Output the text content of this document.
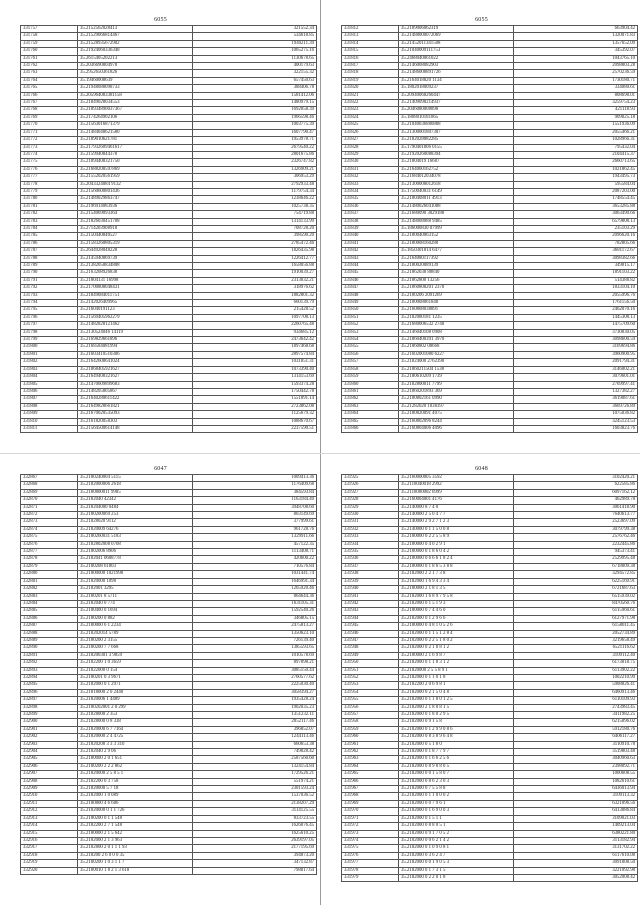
6055
331757	35.2152562028413	321552.34
331758	35.21529066814467	534618.85
331759	35.21528935672902	1940211.39
331760	35.21924060336348	1065275.16
331761	35.2615405202213	1130678.65
331762	35.2036690804978	400179.63
331763	35.2952650361826	322155.32
331764	35.19460008639	657450.63
331765	35.21948088098733	388406.78
331766	35.205964083381158	1581412.06
331767	35.21849028034553	1480979.15
331768	35.218934890037367	1692058.39
331769	35.2174264902106	1966598.46
331770	35.21563016871379	1003775.39
331771	35.21484048621580	1607790.47
331772	35.2189010621781	1953978.71
331773	35.217932609461617	2679540.22
331774	35.2159940844378	2801675.86
331775	35.21894408321750	2326747.82
331776	35.21688208597869	1326909.21
331777	35.21552020561959	306953.29
331778	35.2043324084 9132	2792933.48
331779	35.21560600801436	1179754.34
331780	35.21489029863747	1238646.22
331781	35.2196914083936	1025738.35
331782	35.2154069093364	754719.88
331783	35.21826030451708	1314133.99
331784	35.2714203908918	708728.20
331785	35.2150440840527	398590.20
331786	35.21583260805319	2785472.46
331787	35.2644928048228	1826435.98
331788	35.2145940869739	1226412.77
331789	35.21382050834808	1658056.88
331790	35.2163208926838	1910039.27
331791	35.21804131 16998	2313032.21
331792	35.21700808048431	318976.62
331793	35.21849084011751	1882801.32
331794	35.2142026409965	660139.79
331795	35.216040191123	215428.52
331796	35.21569405962279	1097708.13
331797	35.21482828121462	2260765.48
331798	35.2130524046 14119	934685.12
331799	35.2169829661896	2473642.42
331800	35.2168584081994	1897468.68
331801	35.21603410510306	2897574.84
331802	35.21642608641024	1031851.31
331803	35.21868405921627	1073390.40
331804	35.21649408321627	1314153.69
331805	35.21470609899683	1593374.28
331806	35.2148205805867	1750442.78
331807	35.21640280611422	1551891.14
331808	35.21649828661821	2723862.08
331809	35.21670020535093	1125679.32
331810	35.2161820058303	1088670.67
331811	35.21564500614148	2237590.51
6055
331812	35.2189006062319	663904.42
331813	35.21488000072069	1320071.83
331814	35.21452011341508	1357652.09
331815	35.21040009111753	345392.07
331816	35.2468040061022	1043765.10
331817	35.2146008082903	2098803.28
331818	35.21486008891726	2570236.59
331819	35.2164018820 1134	1730180.71
331820	35.1802018009237	334080.61
331821	35.20940068260447	808698.01
331822	35.21409098214937	3259754.23
331823	35.2046080008898	421118.93
331824	35.1808010181865	909025.18
331825	35.21040036880888	1551936.09
331826	35.21300001807307	2055466.21
331827	35.2182028082285	1028966.31
331828	35.1790401806 0155	795432.04
331829	35.21920260088394	2104415.37
331830	35.21804019 16687	2660713.65
331831	35.2164060162752	1021862.45
331832	35.21684012034078	1943495.73
331833	35.21300008012618	595584.04
331834	35.1750040031 6149	2087203.00
331835	35.2180408011 4913	1748554.45
331836	35.21480026041088	3653285.88
331837	35.21680090 3029188	3063490.66
331838	35.2148008088 9485	6579808.13
331839	35.186000830 07999	235103.29
331840	35.2180040063152	2096620.16
331841	35.2180008160288	782805.66
331842	35.1850301814 6477	3681172.67
331843	35.2164080117392	3098382.66
331844	35.2180020089139	349815.17
331845	35.21862038 88840	1891103.22
331846	35.21862800 13256	514388.82
331847	35.21860808201 2378	1833104.10
331848	35.2180206 2091269	2055996.76
331849	35.2180008061848	1761156.50
331850	35.2160808038891	2462070.16
331851	35.2182080181 1235	1445308.13
331852	35.21680006532 2748	1475709.60
331853	35.2146040108 0908	3730830.05
331854	35.21860400391 3970	3098600.59
331855	35.21860802 08668	3169694.86
331856	35.21602001080 6227	3960900.95
331857	35.21824000 2762390	2091794.31
331858	35.21860211504 1538	3146002.21
331859	35.2180610209 1739	3079601.01
331860	35.2182800011 7799	2769997.41
331861	35.21860201893 369	1327382.27
331862	35.2180802161 0990	3619087.61
331863	35.21282020 1038397	3669726.89
331864	35.2180820091 4075	1075036.82
331865	35.2160802096 8244	3245123.53
331866	35.2160804006 4096	1603823.76
6047
332867	35.2180240004 5115	1009413.36
332868	35.2182000006 2618	1176409.68
332869	35.2180800011 9985	384593.84
332870	35.2182040 42342	1163184.40
332871	35.218204000 0484	3948708.60
332872	35.2180200069 253	803149.69
332873	35.21828020 9112	377999.61
332874	35.21820009 64276	961728.76
332875	35.2180260031 5183	1329911.66
332876	35.2182802008 0708	457122.35
332877	35.21802006 8906	1113408.71
332878	35.2182041 0608778	420600.22
332879	35.2180208 61803	710576.84
332880	35.21800000 1021998	1031441.74
332881	35.21820000 1098	1646991.34
332882	35.2182001 3295	1265920.46
332883	35.2180201 8 5711	864644.36
332884	35.2182040 0 774	1631105.31
332885	35.2180400 0 1694	1592540.26
332886	35.2180200 0 882	346805.15
332887	35.2180000 6 1 2234	2475813.27
332888	35.218202014 5789	1350623.10
332889	35.2180200 2 3155	726139.40
332890	35.2180200 7 7 668	1385593.65
332891	35.218200301 3 9859	1010578.69
332892	35.2182200 1 0 3659	897898.21
332893	35.21822000 0 154	3085150.44
332894	35.2180201 0 3 9671	2760577.62
332895	35.2182000 0 1 2971	2225030.40
332896	35.21818000 2 0 2440	3058394.27
332897	35.21820006 1 4489	1935428.24
332898	35.2180202001 2 0 299	1902035.23
332899	35.21828000 2 353	1351232.11
332900	35.21828000 0 8 338	2052117.46
332901	35.21820000 6 7 7164	396852.07
332902	35.21820000 2 4 4725	1244113.46
332903	35.21820208 3 3 3 310	660653.38
332904	35.2182040 2 9 06	749828.42
332905	35.2180000 2 0 1 651	2587560.60
332906	35.2180200 2 2 2 862	1324154.84
332907	35.21820000 2 5 8 5 1	1729526.21
332908	35.2182200 0 3 758	551974.21
332909	35.21820000 5 7 18	2301593.24
332910	35.2182000 1 0 089	1537036.52
332911	35.2180800 4 6 686	2138207.29
332912	35.21820000 0 1 1 726	3114125.55
332913	35.2180200 0 1 1 548	833723.55
332914	35.2182200 2 7 1 548	1626076.45
332915	35.2180000 2 1 5 642	1625610.25
332916	35.2182000 2 1 3 963	2639197.05
332917	35.2182800 2 0 1 1 1 93	2177195.69
332918	35.218200 2 6 0 0 0 35	394873.20
332919	35.2180200 1 0 3 1 1 7	347132.87
332920	35.2180010 1 8 2 1 3 618	798817.64
6048
331925	35.2160000005 3592	3102420.21
331926	35.2118040018 2992	622585.86
331927	35.2118000002 6999	6097162.12
331928	35.2160004001 4176	462989.78
331929	35.2140000 8 7 4 0	3061418.90
331930	35.2140000 2 5 0 4 7 7	7640613.77
331931	35.2140000 2 9 2 7 1 2 3	2523697.09
331932	35.2140000 0 1 1 5 0 0 8	3079799.38
331933	35.2180000 0 2 2 5 5 8 9	2576762.46
331934	35.2180000 0 4 0 2 9 1	2232445.86
331935	35.2180000 0 1 8 6 0 4 2	945373.41
331936	35.2180000 0 6 6 6 1 8 2 4	2529995.48
331937	35.2180000 0 1 8 6 5 3 8 8	6718009.38
331938	35.2182000 2 2 1 7 3 8	3294572.85
331939	35.2182000 1 6 9 4 3 3 4	6225169.91
331940	35.2180000 2 1 8 1 3 5	6721687.63
331941	35.2182000 1 6 8 9 7 9 5 8	6515939.02
331942	35.2182000 0 1 5 1 9 3	8470560.76
331943	35.2180000 0 7 4 4 6 0	6115960.61
331944	35.2182000 0 1 2 9 6 6	6127971.98
331945	35.2180000 0 4 8 1 0 5 2 6	6158011.45
331946	35.2182000 0 1 1 5 1 2 8 4	2052734.89
331947	35.2182000 0 2 2 5 1 8 0 2	3219658.49
331948	35.2182000 0 2 1 8 8 1 2	6521116.62
331949	35.2180000 2 1 6 9 8 7	3109112.40
331950	35.2182000 0 1 1 8 3 1 2	6173818.75
331951	35.21820000 2 5 5 8 9 1	6113902.22
331952	35.2182000 0 1 1 0 1 8	1002210.99
331953	35.2182200 2 0 6 9 8 1	5908826.41
331954	35.2182000 0 2 1 5 0 4 8	6460913.46
331955	35.2182000 0 1 1 8 0 1 2 5	6110109.93
331956	35.2182000 2 1 8 0 8 1 5	2743983.45
331957	35.2182000 0 1 8 0 2 9 5	3411982.25
331958	35.2182000 0 9 1 5 8	6215896.02
331959	35.2182000 0 1 2 9 9 0 8 6	5912180.76
331960	35.2182000 0 8 3 8 9 6 4 8	6406117.27
331961	35.2182000 0 5 1 8 0	3110910.78
331962	35.2182000 0 1 8 7 7 9 7	3519803.48
331963	35.2182000 0 1 6 6 2 5 6	3040960.63
331964	35.2182000 0 8 9 8 8 0 5	2398092.71
331965	35.2182000 0 0 1 5 8 0 7	1000608.55
331966	35.2182000 0 8 6 2 3 0 3	1082610.61
331967	35.2182000 0 7 5 5 8 8	6436013.94
331968	35.2182000 0 1 1 0 0 0 2	3109113.32
331969	35.2182000 0 0 7 9 6 1	6321096.56
331970	35.2182000 0 1 6 9 0 0 3	6413086.84
331971	35.2182000 0 1 5 1 1	3109021.03
331972	35.2182000 0 8 8 0 5 1	1409213.04
331973	35.2182000 0 9 1 7 0 5 2	6380221.80
331974	35.2182000 0 0 6 2 1 4 2	3113182.94
331975	35.2182000 0 1 0 9 0 8 1	3131702.22
331976	35.2182000 0 3 6 2 4 7	6117610.08
331977	35.2182000 0 0 1 9 0 5 3	3091808.50
331978	35.2182000 0 1 7 3 1 5	3221092.98
331979	35.2182000 0 2 2 0 1 8	3052008.42
